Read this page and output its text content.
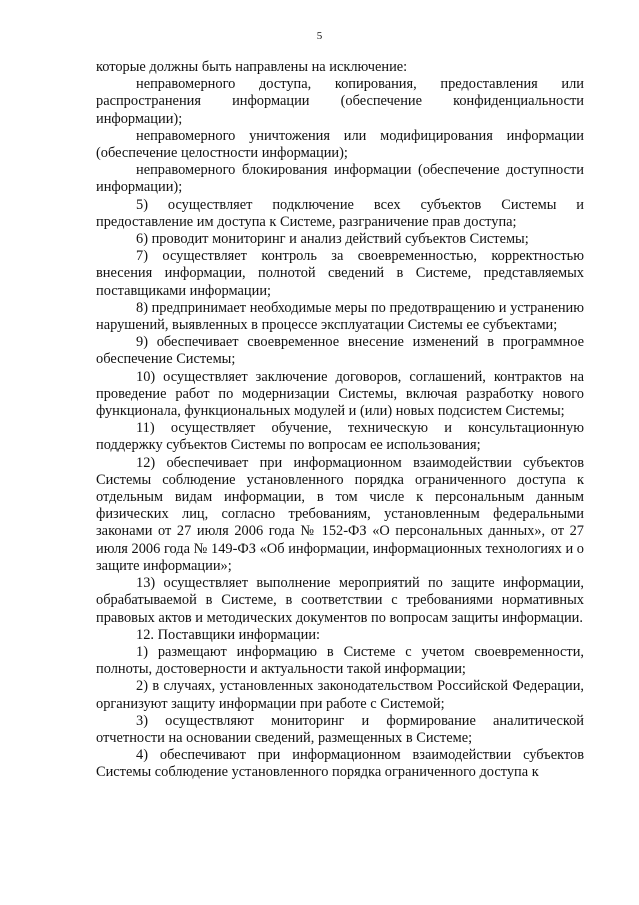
5

которые должны быть направлены на исключение:

неправомерного доступа, копирования, предоставления или распространения информации (обеспечение конфиденциальности информации);

неправомерного уничтожения или модифицирования информации (обеспечение целостности информации);

неправомерного блокирования информации (обеспечение доступности информации);

5) осуществляет подключение всех субъектов Системы и предоставление им доступа к Системе, разграничение прав доступа;

6) проводит мониторинг и анализ действий субъектов Системы;

7) осуществляет контроль за своевременностью, корректностью внесения информации, полнотой сведений в Системе, представляемых поставщиками информации;

8) предпринимает необходимые меры по предотвращению и устранению нарушений, выявленных в процессе эксплуатации Системы ее субъектами;

9) обеспечивает своевременное внесение изменений в программное обеспечение Системы;

10) осуществляет заключение договоров, соглашений, контрактов на проведение работ по модернизации Системы, включая разработку нового функционала, функциональных модулей и (или) новых подсистем Системы;

11) осуществляет обучение, техническую и консультационную поддержку субъектов Системы по вопросам ее использования;

12) обеспечивает при информационном взаимодействии субъектов Системы соблюдение установленного порядка ограниченного доступа к отдельным видам информации, в том числе к персональным данным физических лиц, согласно требованиям, установленным федеральными законами от 27 июля 2006 года № 152-ФЗ «О персональных данных», от 27 июля 2006 года № 149-ФЗ «Об информации, информационных технологиях и о защите информации»;

13) осуществляет выполнение мероприятий по защите информации, обрабатываемой в Системе, в соответствии с требованиями нормативных правовых актов и методических документов по вопросам защиты информации.

12. Поставщики информации:

1) размещают информацию в Системе с учетом своевременности, полноты, достоверности и актуальности такой информации;

2) в случаях, установленных законодательством Российской Федерации, организуют защиту информации при работе с Системой;

3) осуществляют мониторинг и формирование аналитической отчетности на основании сведений, размещенных в Системе;

4) обеспечивают при информационном взаимодействии субъектов Системы соблюдение установленного порядка ограниченного доступа к
